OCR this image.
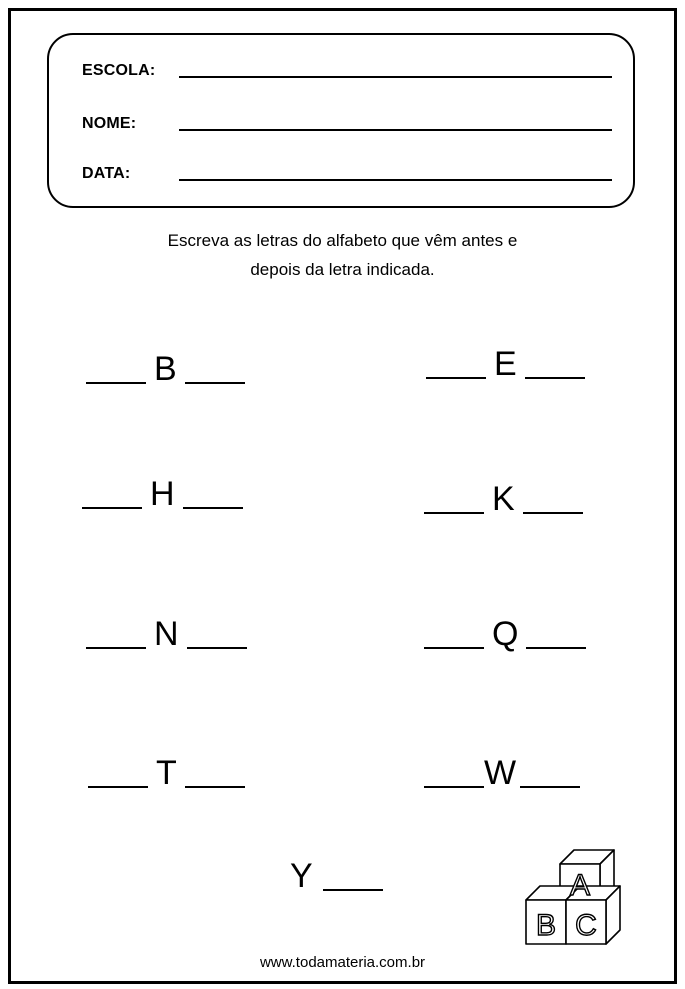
ESCOLA:
NOME:
DATA:
Escreva as letras do alfabeto que vêm antes e
depois da letra indicada.
B	E
H	K
N	Q
T	W
Y	A
B C
www.todamateria.com.br
